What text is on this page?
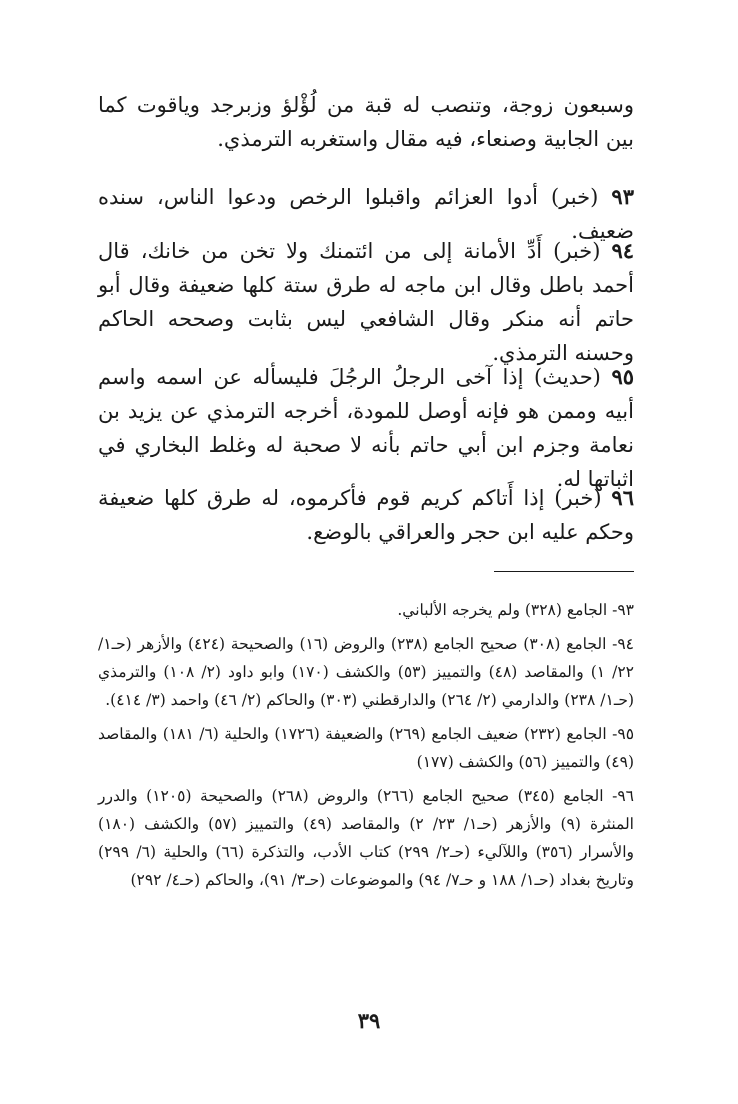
وسبعون زوجة، وتنصب له قبة من لُؤْلؤ وزبرجد وياقوت كما بين الجابية وصنعاء، فيه مقال واستغربه الترمذي.

٩٣ (خبر) أدوا العزائم واقبلوا الرخص ودعوا الناس، سنده ضعيف.

٩٤ (خبر) أَدِّ الأمانة إلى من ائتمنك ولا تخن من خانك، قال أحمد باطل وقال ابن ماجه له طرق ستة كلها ضعيفة وقال أبو حاتم أنه منكر وقال الشافعي ليس بثابت وصححه الحاكم وحسنه الترمذي.

٩٥ (حديث) إذا آخى الرجلُ الرجُلَ فليسأله عن اسمه واسم أبيه وممن هو فإنه أوصل للمودة، أخرجه الترمذي عن يزيد بن نعامة وجزم ابن أبي حاتم بأنه لا صحبة له وغلط البخاري في اثباتها له.

٩٦ (خبر) إذا أَتاكم كريم قوم فأكرموه، له طرق كلها ضعيفة وحكم عليه ابن حجر والعراقي بالوضع.

٩٣- الجامع (٣٢٨) ولم يخرجه الألباني.
٩٤- الجامع (٣٠٨) صحيح الجامع (٢٣٨) والروض (١٦) والصحيحة (٤٢٤) والأزهر (حـ١/ ٢٢/ ١) والمقاصد (٤٨) والتمييز (٥٣) والكشف (١٧٠) وابو داود (٢/ ١٠٨) والترمذي (حـ١/ ٢٣٨) والدارمي (٢/ ٢٦٤) والدارقطني (٣٠٣) والحاكم (٢/ ٤٦) واحمد (٣/ ٤١٤).
٩٥- الجامع (٢٣٢) ضعيف الجامع (٢٦٩) والضعيفة (١٧٢٦) والحلية (٦/ ١٨١) والمقاصد (٤٩) والتمييز (٥٦) والكشف (١٧٧)
٩٦- الجامع (٣٤٥) صحيح الجامع (٢٦٦) والروض (٢٦٨) والصحيحة (١٢٠٥) والدرر المنثرة (٩) والأزهر (حـ١/ ٢٣/ ٢) والمقاصد (٤٩) والتمييز (٥٧) والكشف (١٨٠) والأسرار (٣٥٦) واللآليء (حـ٢/ ٢٩٩) كتاب الأدب، والتذكرة (٦٦) والحلية (٦/ ٢٩٩) وتاريخ بغداد (حـ١/ ١٨٨ و حـ٧/ ٩٤) والموضوعات (حـ٣/ ٩١)، والحاكم (حـ٤/ ٢٩٢)
٣٩
